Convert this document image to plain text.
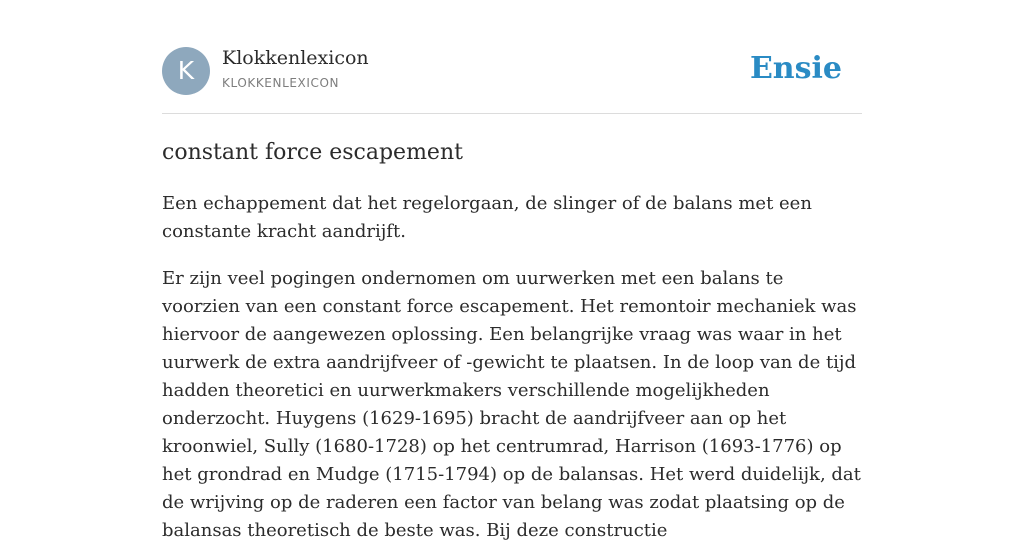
K	Klokkenlexicon
KLOKKENLEXICON	Ensie
constant force escapement

Een echappement dat het regelorgaan, de slinger of de balans met een constante kracht aandrijft.

Er zijn veel pogingen ondernomen om uurwerken met een balans te voorzien van een constant force escapement. Het remontoir mechaniek was hiervoor de aangewezen oplossing. Een belangrijke vraag was waar in het uurwerk de extra aandrijfveer of -gewicht te plaatsen. In de loop van de tijd hadden theoretici en uurwerkmakers verschillende mogelijkheden onderzocht. Huygens (1629-1695) bracht de aandrijfveer aan op het kroonwiel, Sully (1680-1728) op het centrumrad, Harrison (1693-1776) op het grondrad en Mudge (1715-1794) op de balansas. Het werd duidelijk, dat de wrijving op de raderen een factor van belang was zodat plaatsing op de balansas theoretisch de beste was. Bij deze constructie
